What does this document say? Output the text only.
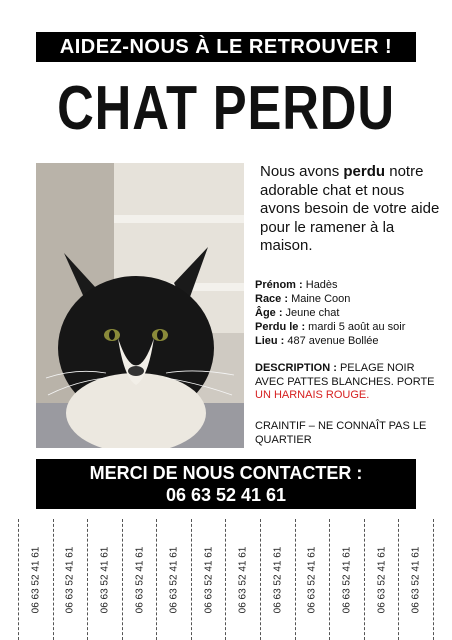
AIDEZ-NOUS À LE RETROUVER !
CHAT PERDU
Nous avons perdu notre adorable chat et nous avons besoin de votre aide pour le ramener à la maison.
Prénom : Hadès
Race : Maine Coon
Âge : Jeune chat
Perdu le : mardi 5 août au soir
Lieu : 487 avenue Bollée
DESCRIPTION : PELAGE NOIR AVEC PATTES BLANCHES. PORTE UN HARNAIS ROUGE.
CRAINTIF – NE CONNAÎT PAS LE QUARTIER
MERCI DE NOUS CONTACTER :
06 63 52 41 61
06 63 52 41 61 06 63 52 41 61 06 63 52 41 61 06 63 52 41 61 06 63 52 41 61 06 63 52 41 61 06 63 52 41 61 06 63 52 41 61 06 63 52 41 61 06 63 52 41 61 06 63 52 41 61 06 63 52 41 61
